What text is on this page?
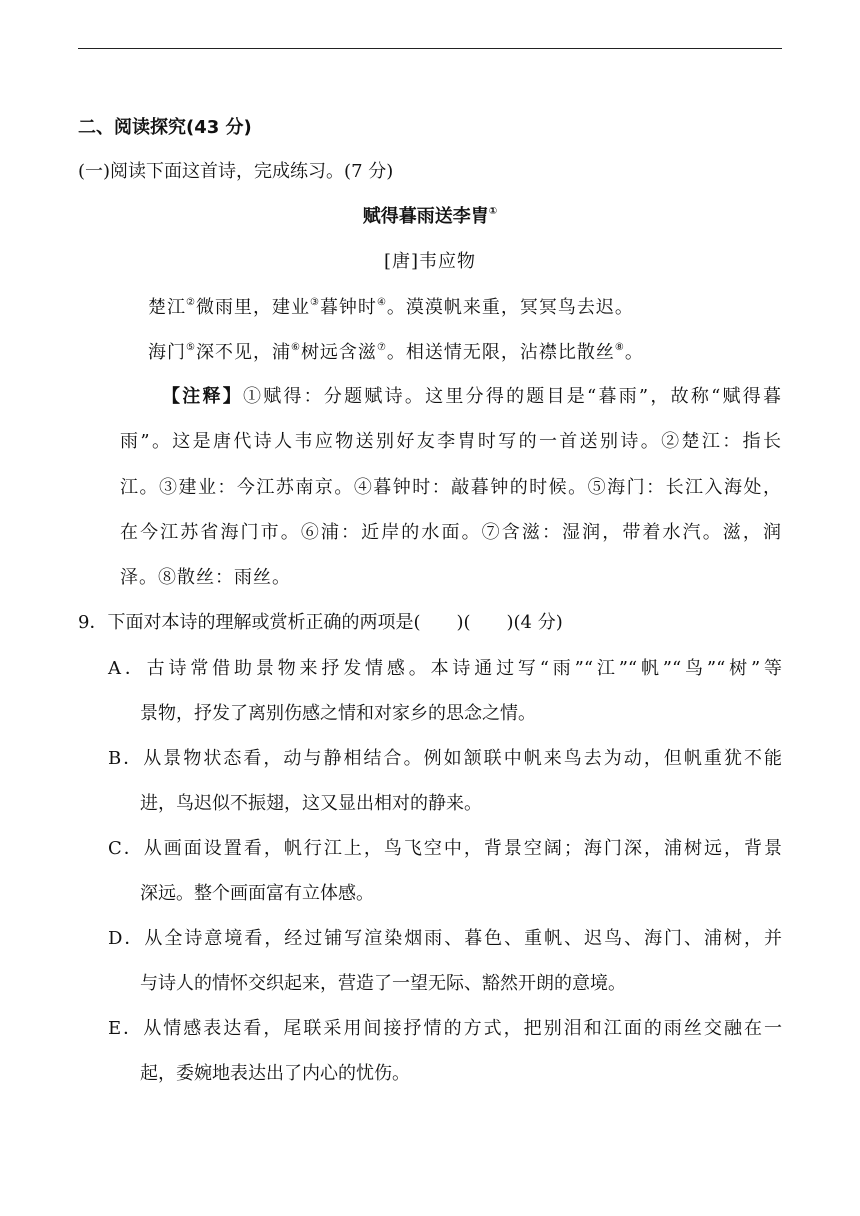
二、阅读探究(43 分)
(一)阅读下面这首诗，完成练习。(7 分)
赋得暮雨送李胄①
[唐]韦应物
楚江②微雨里，建业③暮钟时④。漠漠帆来重，冥冥鸟去迟。
海门⑤深不见，浦⑥树远含滋⑦。相送情无限，沾襟比散丝⑧。
【注释】①赋得：分题赋诗。这里分得的题目是“暮雨”，故称“赋得暮
雨”。这是唐代诗人韦应物送别好友李胄时写的一首送别诗。②楚江：指长
江。③建业：今江苏南京。④暮钟时：敲暮钟的时候。⑤海门：长江入海处，
在今江苏省海门市。⑥浦：近岸的水面。⑦含滋：湿润，带着水汽。滋，润
泽。⑧散丝：雨丝。
9．下面对本诗的理解或赏析正确的两项是(　　)(　　)(4 分)
A．古诗常借助景物来抒发情感。本诗通过写“雨”“江”“帆”“鸟”“树”等
景物，抒发了离别伤感之情和对家乡的思念之情。
B．从景物状态看，动与静相结合。例如颔联中帆来鸟去为动，但帆重犹不能
进，鸟迟似不振翅，这又显出相对的静来。
C．从画面设置看，帆行江上，鸟飞空中，背景空阔；海门深，浦树远，背景
深远。整个画面富有立体感。
D．从全诗意境看，经过铺写渲染烟雨、暮色、重帆、迟鸟、海门、浦树，并
与诗人的情怀交织起来，营造了一望无际、豁然开朗的意境。
E．从情感表达看，尾联采用间接抒情的方式，把别泪和江面的雨丝交融在一
起，委婉地表达出了内心的忧伤。
